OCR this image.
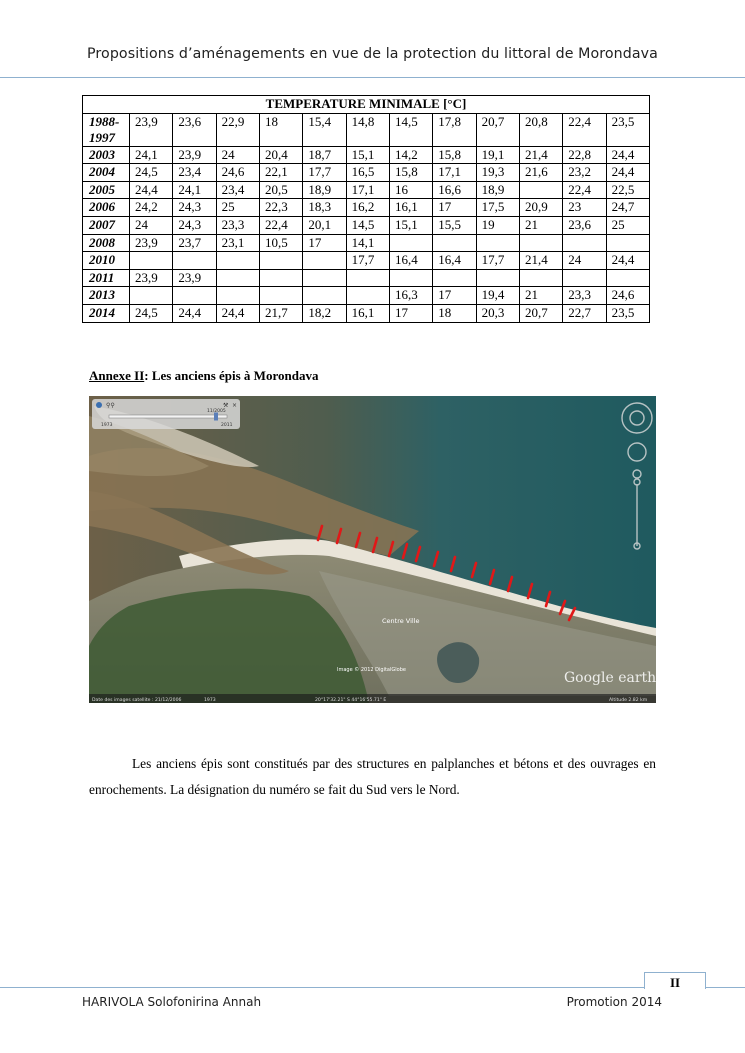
Propositions d’aménagements en vue de la protection du littoral de Morondava
TEMPERATURE MINIMALE [°C]												
1988-1997	23,9	23,6	22,9	18	15,4	14,8	14,5	17,8	20,7	20,8	22,4	23,5
2003	24,1	23,9	24	20,4	18,7	15,1	14,2	15,8	19,1	21,4	22,8	24,4
2004	24,5	23,4	24,6	22,1	17,7	16,5	15,8	17,1	19,3	21,6	23,2	24,4
2005	24,4	24,1	23,4	20,5	18,9	17,1	16	16,6	18,9		22,4	22,5
2006	24,2	24,3	25	22,3	18,3	16,2	16,1	17	17,5	20,9	23	24,7
2007	24	24,3	23,3	22,4	20,1	14,5	15,1	15,5	19	21	23,6	25
2008	23,9	23,7	23,1	10,5	17	14,1						
2010						17,7	16,4	16,4	17,7	21,4	24	24,4
2011	23,9	23,9										
2013							16,3	17	19,4	21	23,3	24,6
2014	24,5	24,4	24,4	21,7	18,2	16,1	17	18	20,3	20,7	22,7	23,5
Annexe II: Les anciens épis à Morondava
⚲⚲	⚒ ×
11/2005
1973	2011
Centre Ville
Image © 2012 DigitalGlobe	Google earth
Date des images satellite : 21/12/2006	1973	20°17'32.21" S 44°16'55.71" E	Altitude 2.82 km
Les anciens épis sont constitués par des structures en palplanches et bétons et des ouvrages en enrochements. La désignation du numéro se fait du Sud vers le Nord.
II
HARIVOLA Solofonirina Annah	Promotion 2014
